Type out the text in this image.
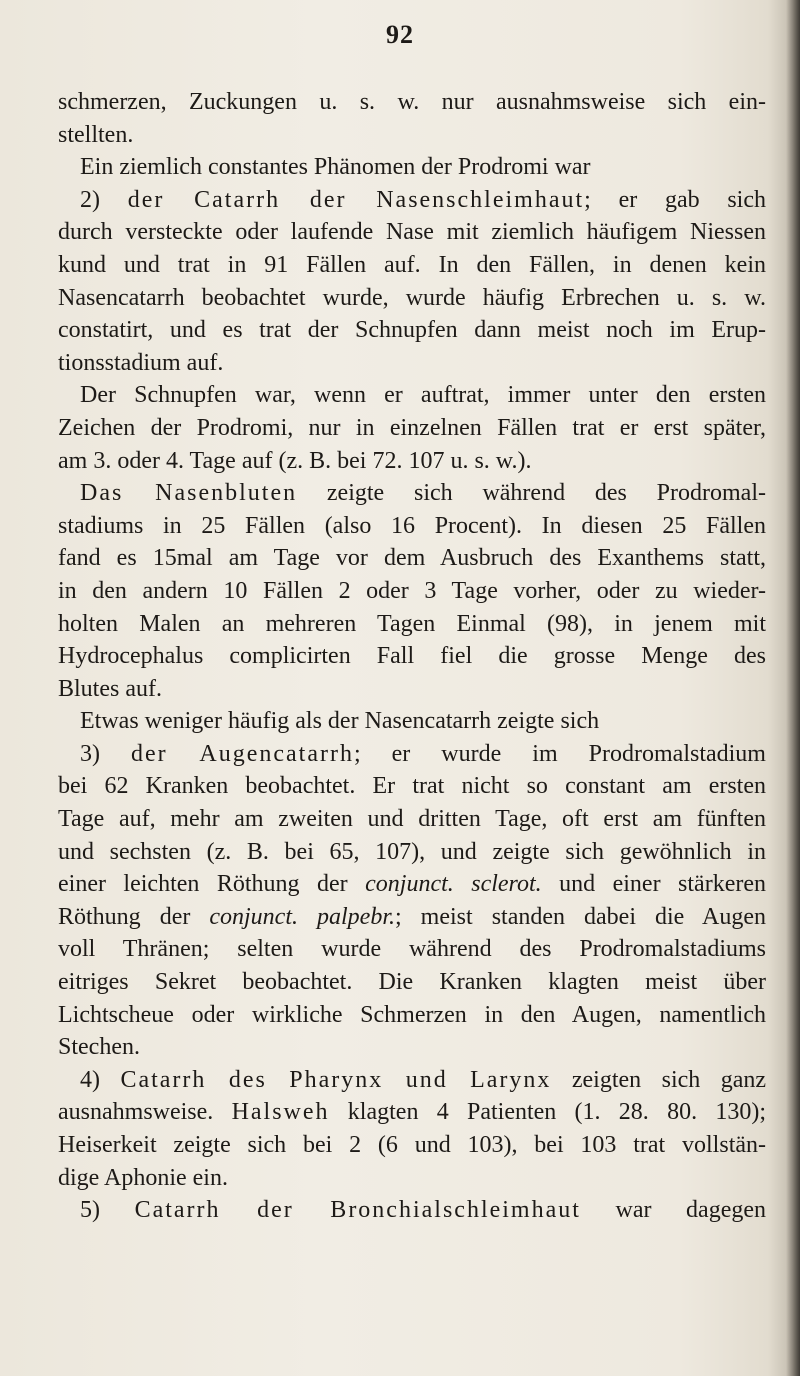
92
schmerzen, Zuckungen u. s. w. nur ausnahmsweise sich ein-
stellten.
Ein ziemlich constantes Phänomen der Prodromi war
2) der Catarrh der Nasenschleimhaut; er gab sich
durch versteckte oder laufende Nase mit ziemlich häufigem Niessen
kund und trat in 91 Fällen auf. In den Fällen, in denen kein
Nasencatarrh beobachtet wurde, wurde häufig Erbrechen u. s. w.
constatirt, und es trat der Schnupfen dann meist noch im Erup-
tionsstadium auf.
Der Schnupfen war, wenn er auftrat, immer unter den ersten
Zeichen der Prodromi, nur in einzelnen Fällen trat er erst später,
am 3. oder 4. Tage auf (z. B. bei 72. 107 u. s. w.).
Das Nasenbluten zeigte sich während des Prodromal-
stadiums in 25 Fällen (also 16 Procent). In diesen 25 Fällen
fand es 15mal am Tage vor dem Ausbruch des Exanthems statt,
in den andern 10 Fällen 2 oder 3 Tage vorher, oder zu wieder-
holten Malen an mehreren Tagen Einmal (98), in jenem mit
Hydrocephalus complicirten Fall fiel die grosse Menge des
Blutes auf.
Etwas weniger häufig als der Nasencatarrh zeigte sich
3) der Augencatarrh; er wurde im Prodromalstadium
bei 62 Kranken beobachtet. Er trat nicht so constant am ersten
Tage auf, mehr am zweiten und dritten Tage, oft erst am fünften
und sechsten (z. B. bei 65, 107), und zeigte sich gewöhnlich in
einer leichten Röthung der conjunct. sclerot. und einer stärkeren
Röthung der conjunct. palpebr.; meist standen dabei die Augen
voll Thränen; selten wurde während des Prodromalstadiums
eitriges Sekret beobachtet. Die Kranken klagten meist über
Lichtscheue oder wirkliche Schmerzen in den Augen, namentlich
Stechen.
4) Catarrh des Pharynx und Larynx zeigten sich ganz
ausnahmsweise. Halsweh klagten 4 Patienten (1. 28. 80. 130);
Heiserkeit zeigte sich bei 2 (6 und 103), bei 103 trat vollstän-
dige Aphonie ein.
5) Catarrh der Bronchialschleimhaut war dagegen
